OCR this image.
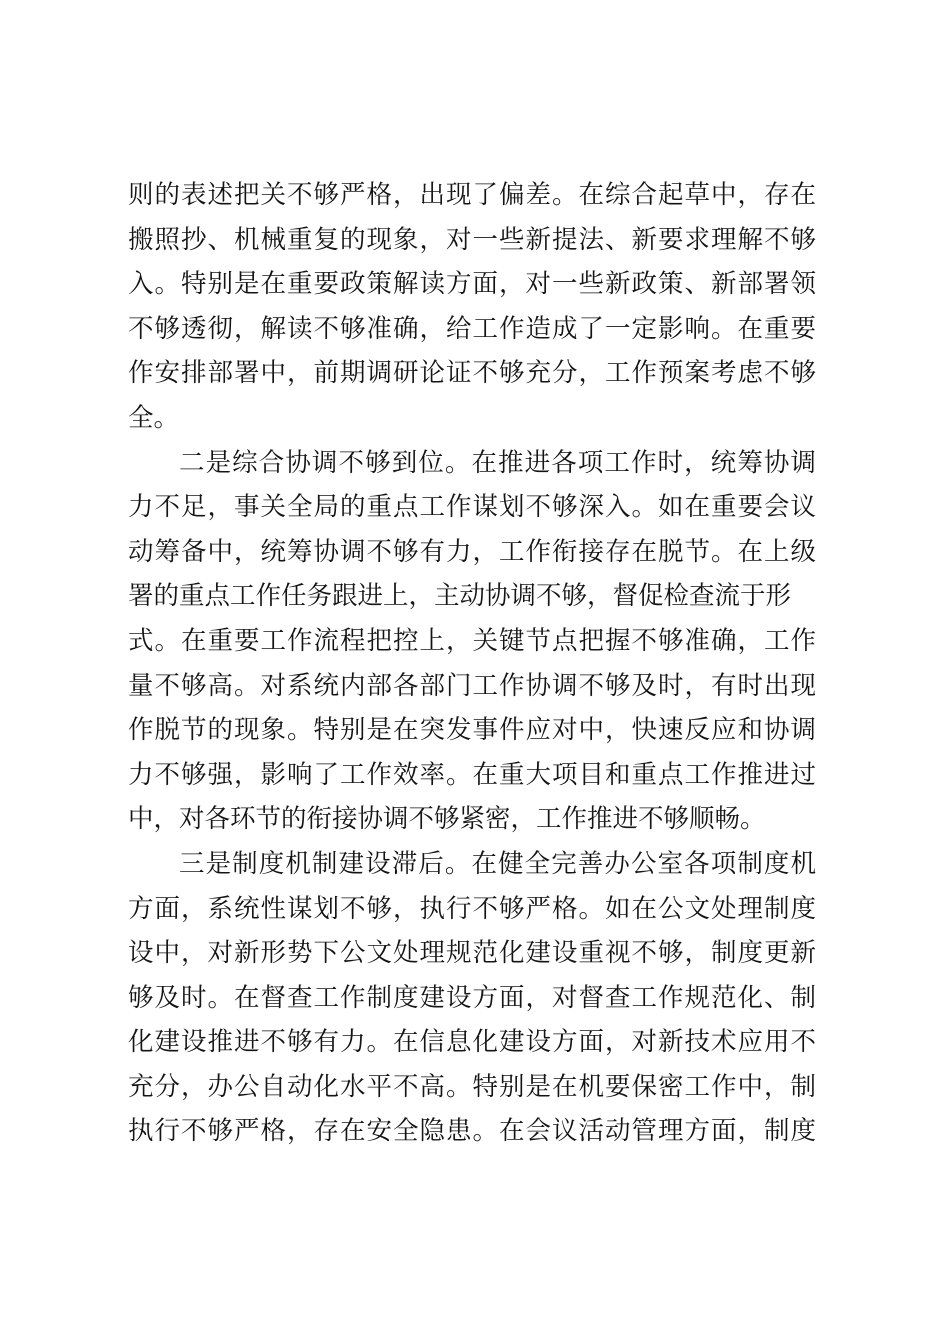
则的表述把关不够严格，出现了偏差。在综合起草中，存在
搬照抄、机械重复的现象，对一些新提法、新要求理解不够
入。特别是在重要政策解读方面，对一些新政策、新部署领
不够透彻，解读不够准确，给工作造成了一定影响。在重要
作安排部署中，前期调研论证不够充分，工作预案考虑不够
全。
二是综合协调不够到位。在推进各项工作时，统筹协调
力不足，事关全局的重点工作谋划不够深入。如在重要会议
动筹备中，统筹协调不够有力，工作衔接存在脱节。在上级
署的重点工作任务跟进上，主动协调不够，督促检查流于形
式。在重要工作流程把控上，关键节点把握不够准确，工作
量不够高。对系统内部各部门工作协调不够及时，有时出现
作脱节的现象。特别是在突发事件应对中，快速反应和协调
力不够强，影响了工作效率。在重大项目和重点工作推进过
中，对各环节的衔接协调不够紧密，工作推进不够顺畅。
三是制度机制建设滞后。在健全完善办公室各项制度机
方面，系统性谋划不够，执行不够严格。如在公文处理制度
设中，对新形势下公文处理规范化建设重视不够，制度更新
够及时。在督查工作制度建设方面，对督查工作规范化、制
化建设推进不够有力。在信息化建设方面，对新技术应用不
充分，办公自动化水平不高。特别是在机要保密工作中，制
执行不够严格，存在安全隐患。在会议活动管理方面，制度
